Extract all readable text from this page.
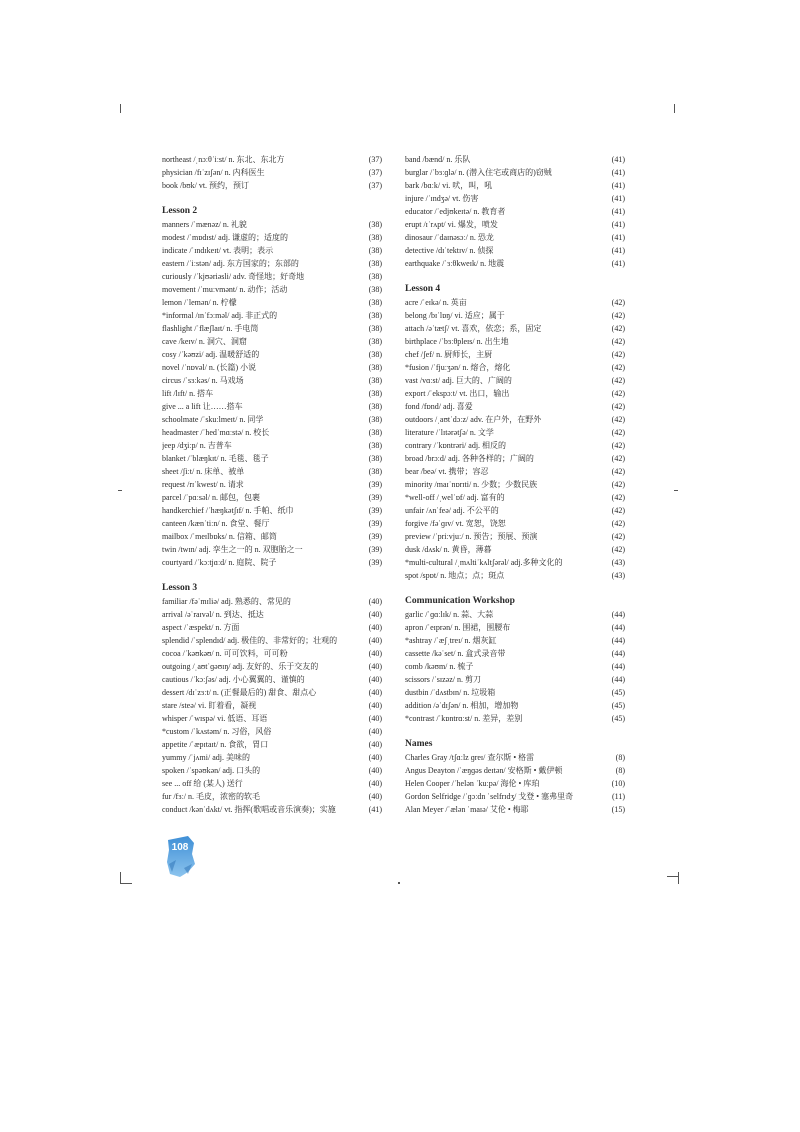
northeast /ˌnɔːθˈiːst/ n. 东北、东北方	(37)
physician /fɪˈzɪʃən/ n. 内科医生	(37)
book /bʊk/ vt. 预约，预订	(37)
Lesson 2
manners /ˈmænəz/ n. 礼貌	(38)
modest /ˈmɒdɪst/ adj. 谦虚的；适度的	(38)
indicate /ˈɪndɪkeɪt/ vt. 表明；表示	(38)
eastern /ˈiːstən/ adj. 东方国家的；东部的	(38)
curiously /ˈkjʊəriəsli/ adv. 奇怪地；好奇地	(38)
movement /ˈmuːvmənt/ n. 动作；活动	(38)
lemon /ˈlemən/ n. 柠檬	(38)
*informal /ɪnˈfɔːməl/ adj. 非正式的	(38)
flashlight /ˈflæʃlaɪt/ n. 手电筒	(38)
cave /keɪv/ n. 洞穴、洞窟	(38)
cosy /ˈkəʊzi/ adj. 温暖舒适的	(38)
novel /ˈnɒvəl/ n. (长篇) 小说	(38)
circus /ˈsɜːkəs/ n. 马戏场	(38)
lift /lɪft/ n. 搭车	(38)
give ... a lift 让……搭车	(38)
schoolmate /ˈskuːlmeɪt/ n. 同学	(38)
headmaster /ˈhedˈmɑːstə/ n. 校长	(38)
jeep /dʒiːp/ n. 吉普车	(38)
blanket /ˈblæŋkɪt/ n. 毛毯、毯子	(38)
sheet /ʃiːt/ n. 床单、被单	(38)
request /rɪˈkwest/ n. 请求	(39)
parcel /ˈpɑːsəl/ n. 邮包，包裹	(39)
handkerchief /ˈhæŋkətʃɪf/ n. 手帕、纸巾	(39)
canteen /kænˈtiːn/ n. 食堂、餐厅	(39)
mailbox /ˈmeɪlbɒks/ n. 信箱、邮筒	(39)
twin /twɪn/ adj. 孪生之一的 n. 双胞胎之一	(39)
courtyard /ˈkɔːtjɑːd/ n. 庭院、院子	(39)
Lesson 3
familiar /fəˈmɪliə/ adj. 熟悉的、常见的	(40)
arrival /əˈraɪvəl/ n. 到达、抵达	(40)
aspect /ˈæspekt/ n. 方面	(40)
splendid /ˈsplendɪd/ adj. 极佳的、非常好的；壮观的	(40)
cocoa /ˈkəʊkəʊ/ n. 可可饮料，可可粉	(40)
outgoing /ˌaʊtˈɡəʊɪŋ/ adj. 友好的、乐于交友的	(40)
cautious /ˈkɔːʃəs/ adj. 小心翼翼的、谨慎的	(40)
dessert /dɪˈzɜːt/ n. (正餐最后的) 甜食、甜点心	(40)
stare /steə/ vi. 盯着看，凝视	(40)
whisper /ˈwɪspə/ vi. 低语、耳语	(40)
*custom /ˈkʌstəm/ n. 习俗，风俗	(40)
appetite /ˈæpɪtaɪt/ n. 食欲，胃口	(40)
yummy /ˈjʌmi/ adj. 美味的	(40)
spoken /ˈspəʊkən/ adj. 口头的	(40)
see ... off 给 (某人) 送行	(40)
fur /fɜː/ n. 毛皮，浓密的软毛	(40)
conduct /kənˈdʌkt/ vt. 指挥(歌唱或音乐演奏)；实施	(41)
band /bænd/ n. 乐队	(41)
burglar /ˈbɜːɡlə/ n. (潜入住宅或商店的)窃贼	(41)
bark /bɑːk/ vi. 吠，叫，吼	(41)
injure /ˈɪndʒə/ vt. 伤害	(41)
educator /ˈedjʊkeɪtə/ n. 教育者	(41)
erupt /ɪˈrʌpt/ vi. 爆发，喷发	(41)
dinosaur /ˈdaɪnəsɔː/ n. 恐龙	(41)
detective /dɪˈtektɪv/ n. 侦探	(41)
earthquake /ˈɜːθkweɪk/ n. 地震	(41)
Lesson 4
acre /ˈeɪkə/ n. 英亩	(42)
belong /bɪˈlɒŋ/ vi. 适应；属于	(42)
attach /əˈtætʃ/ vt. 喜欢，依恋；系，固定	(42)
birthplace /ˈbɜːθpleɪs/ n. 出生地	(42)
chef /ʃef/ n. 厨师长，主厨	(42)
*fusion /ˈfjuːʒən/ n. 熔合，熔化	(42)
vast /vɑːst/ adj. 巨大的、广阔的	(42)
export /ˈekspɔːt/ vt. 出口，输出	(42)
fond /fɒnd/ adj. 喜爱	(42)
outdoors /ˌaʊtˈdɔːz/ adv. 在户外，在野外	(42)
literature /ˈlɪtərətʃə/ n. 文学	(42)
contrary /ˈkɒntrəri/ adj. 相反的	(42)
broad /brɔːd/ adj. 各种各样的；广阔的	(42)
bear /beə/ vt. 携带；容忍	(42)
minority /maɪˈnɒrɪti/ n. 少数；少数民族	(42)
*well-off /ˌwelˈɒf/ adj. 富有的	(42)
unfair /ʌnˈfeə/ adj. 不公平的	(42)
forgive /fəˈɡɪv/ vt. 宽恕，饶恕	(42)
preview /ˈpriːvjuː/ n. 预告；预展、预演	(42)
dusk /dʌsk/ n. 黄昏，薄暮	(42)
*multi-cultural /ˌmʌltiˈkʌltʃərəl/ adj.多种文化的	(43)
spot /spɒt/ n. 地点；点；斑点	(43)
Communication Workshop
garlic /ˈɡɑːlɪk/ n. 蒜、大蒜	(44)
apron /ˈeɪprən/ n. 围裙，围腰布	(44)
*ashtray /ˈæʃˌtreɪ/ n. 烟灰缸	(44)
cassette /kəˈset/ n. 盒式录音带	(44)
comb /kəʊm/ n. 梳子	(44)
scissors /ˈsɪzəz/ n. 剪刀	(44)
dustbin /ˈdʌstbɪn/ n. 垃圾箱	(45)
addition /əˈdɪʃən/ n. 相加，增加物	(45)
*contrast /ˈkɒntrɑːst/ n. 差异，差别	(45)
Names
Charles Gray /tʃɑːlz ɡreɪ/ 查尔斯 • 格雷	(8)
Angus Deayton /ˈæŋɡəs deɪtən/ 安格斯 • 戴伊顿	(8)
Helen Cooper /ˈhelən ˈkuːpə/ 海伦 • 库珀	(10)
Gordon Selfridge /ˈɡɔːdn ˈselfrɪdʒ/ 戈登 • 塞弗里奇	(11)
Alan Meyer /ˈælən ˈmaɪə/ 艾伦 • 梅耶	(15)
108
